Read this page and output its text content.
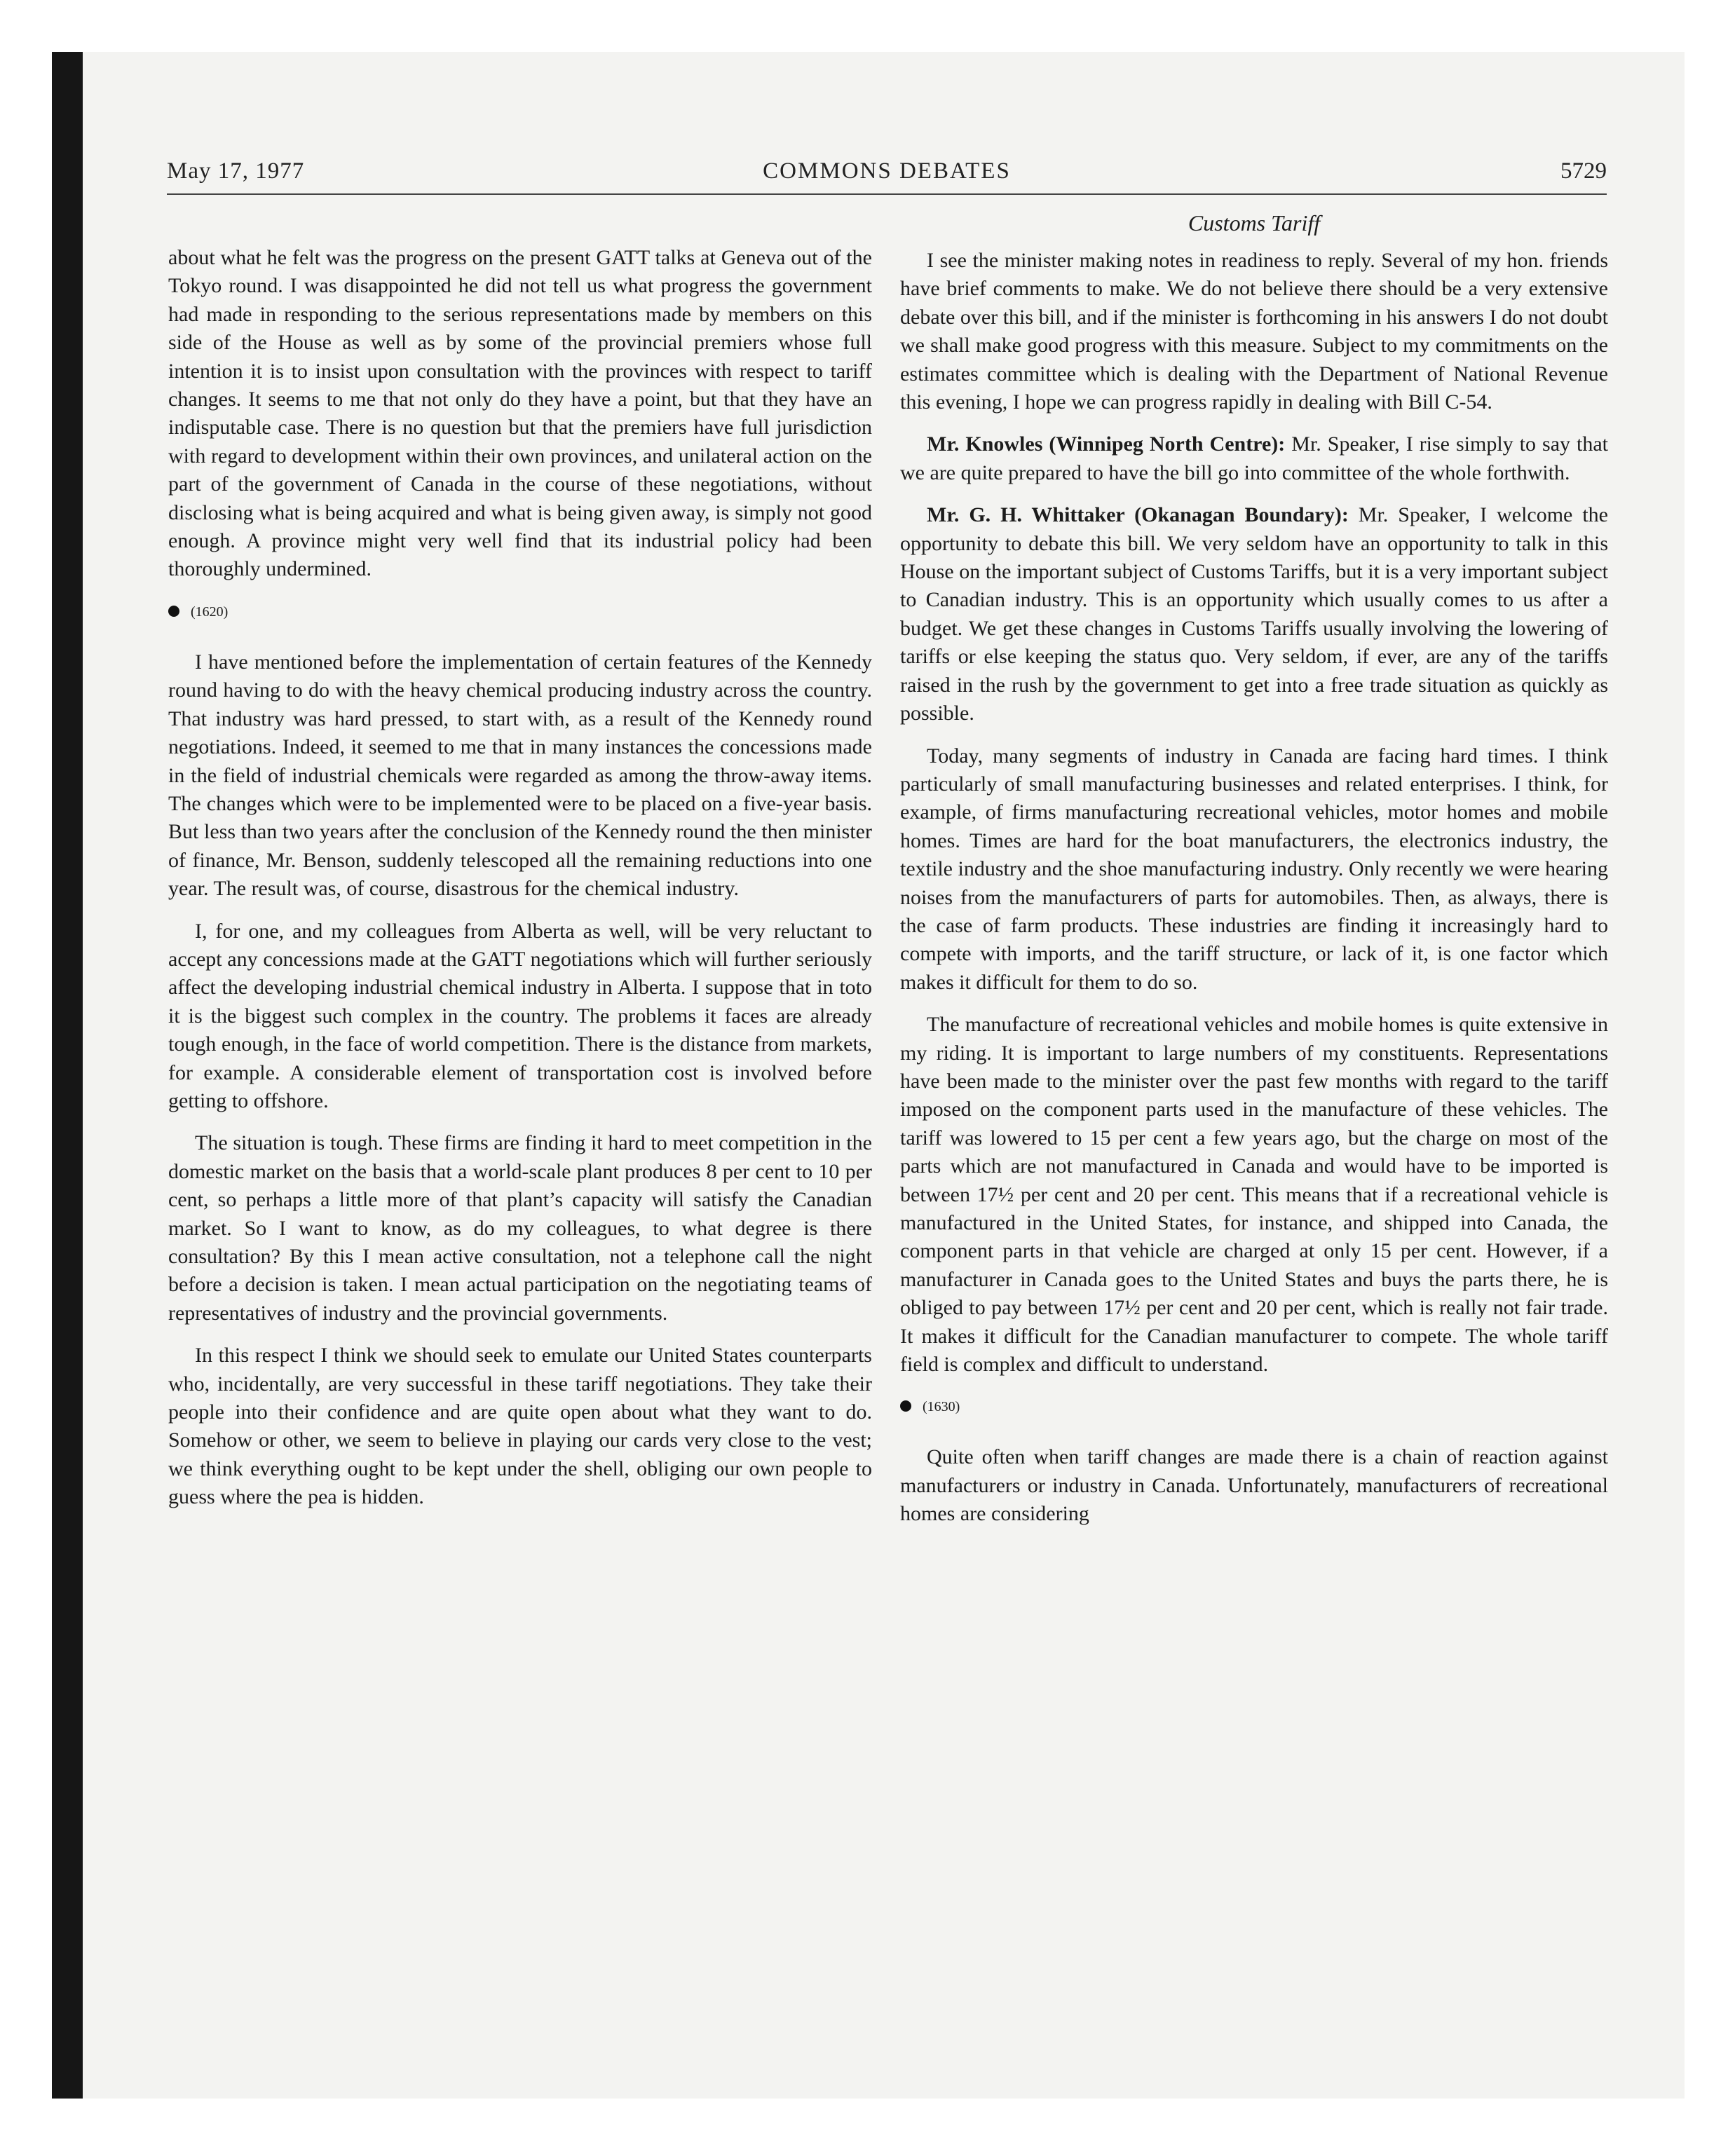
May 17, 1977	COMMONS DEBATES	5729

about what he felt was the progress on the present GATT talks at Geneva out of the Tokyo round. I was disappointed he did not tell us what progress the government had made in responding to the serious representations made by members on this side of the House as well as by some of the provincial premiers whose full intention it is to insist upon consultation with the provinces with respect to tariff changes. It seems to me that not only do they have a point, but that they have an indisputable case. There is no question but that the premiers have full jurisdiction with regard to development within their own provinces, and unilateral action on the part of the government of Canada in the course of these negotiations, without disclosing what is being acquired and what is being given away, is simply not good enough. A province might very well find that its industrial policy had been thoroughly undermined.

(1620)

I have mentioned before the implementation of certain features of the Kennedy round having to do with the heavy chemical producing industry across the country. That industry was hard pressed, to start with, as a result of the Kennedy round negotiations. Indeed, it seemed to me that in many instances the concessions made in the field of industrial chemicals were regarded as among the throw-away items. The changes which were to be implemented were to be placed on a five-year basis. But less than two years after the conclusion of the Kennedy round the then minister of finance, Mr. Benson, suddenly telescoped all the remaining reductions into one year. The result was, of course, disastrous for the chemical industry.

I, for one, and my colleagues from Alberta as well, will be very reluctant to accept any concessions made at the GATT negotiations which will further seriously affect the developing industrial chemical industry in Alberta. I suppose that in toto it is the biggest such complex in the country. The problems it faces are already tough enough, in the face of world competition. There is the distance from markets, for example. A considerable element of transportation cost is involved before getting to offshore.

The situation is tough. These firms are finding it hard to meet competition in the domestic market on the basis that a world-scale plant produces 8 per cent to 10 per cent, so perhaps a little more of that plant’s capacity will satisfy the Canadian market. So I want to know, as do my colleagues, to what degree is there consultation? By this I mean active consultation, not a telephone call the night before a decision is taken. I mean actual participation on the negotiating teams of representatives of industry and the provincial governments.

In this respect I think we should seek to emulate our United States counterparts who, incidentally, are very successful in these tariff negotiations. They take their people into their confidence and are quite open about what they want to do. Somehow or other, we seem to believe in playing our cards very close to the vest; we think everything ought to be kept under the shell, obliging our own people to guess where the pea is hidden.

Customs Tariff

I see the minister making notes in readiness to reply. Several of my hon. friends have brief comments to make. We do not believe there should be a very extensive debate over this bill, and if the minister is forthcoming in his answers I do not doubt we shall make good progress with this measure. Subject to my commitments on the estimates committee which is dealing with the Department of National Revenue this evening, I hope we can progress rapidly in dealing with Bill C-54.

Mr. Knowles (Winnipeg North Centre): Mr. Speaker, I rise simply to say that we are quite prepared to have the bill go into committee of the whole forthwith.

Mr. G. H. Whittaker (Okanagan Boundary): Mr. Speaker, I welcome the opportunity to debate this bill. We very seldom have an opportunity to talk in this House on the important subject of Customs Tariffs, but it is a very important subject to Canadian industry. This is an opportunity which usually comes to us after a budget. We get these changes in Customs Tariffs usually involving the lowering of tariffs or else keeping the status quo. Very seldom, if ever, are any of the tariffs raised in the rush by the government to get into a free trade situation as quickly as possible.

Today, many segments of industry in Canada are facing hard times. I think particularly of small manufacturing businesses and related enterprises. I think, for example, of firms manufacturing recreational vehicles, motor homes and mobile homes. Times are hard for the boat manufacturers, the electronics industry, the textile industry and the shoe manufacturing industry. Only recently we were hearing noises from the manufacturers of parts for automobiles. Then, as always, there is the case of farm products. These industries are finding it increasingly hard to compete with imports, and the tariff structure, or lack of it, is one factor which makes it difficult for them to do so.

The manufacture of recreational vehicles and mobile homes is quite extensive in my riding. It is important to large numbers of my constituents. Representations have been made to the minister over the past few months with regard to the tariff imposed on the component parts used in the manufacture of these vehicles. The tariff was lowered to 15 per cent a few years ago, but the charge on most of the parts which are not manufactured in Canada and would have to be imported is between 17½ per cent and 20 per cent. This means that if a recreational vehicle is manufactured in the United States, for instance, and shipped into Canada, the component parts in that vehicle are charged at only 15 per cent. However, if a manufacturer in Canada goes to the United States and buys the parts there, he is obliged to pay between 17½ per cent and 20 per cent, which is really not fair trade. It makes it difficult for the Canadian manufacturer to compete. The whole tariff field is complex and difficult to understand.

(1630)

Quite often when tariff changes are made there is a chain of reaction against manufacturers or industry in Canada. Unfortunately, manufacturers of recreational homes are considering
